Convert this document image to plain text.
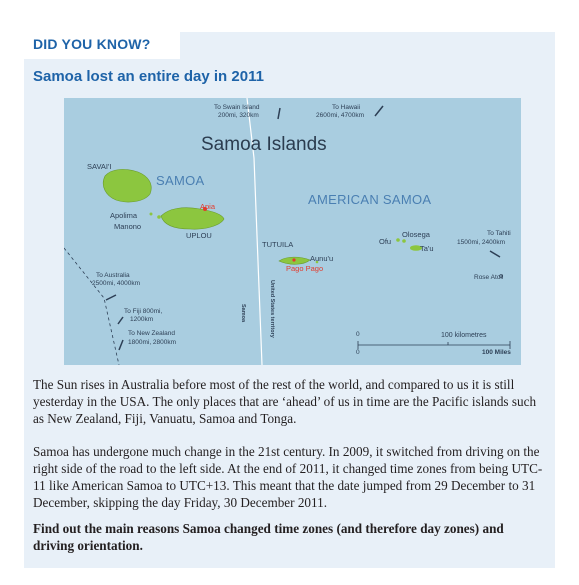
DID YOU KNOW?
Samoa lost an entire day in 2011
To Swain Island
200mi, 320km
To Hawaii
2600mi, 4700km
Samoa Islands
SAMOA
AMERICAN SAMOA
SAVAI'I
Apolima
Manono
Apia
UPLOU
TUTUILA
Aunu'u
Pago Pago
Ofu
Olosega
Ta'u
Rose Atoll
To Tahiti
1500mi, 2400km
To Australia
2500mi, 4000km
To Fiji 800mi,
1200km
To New Zealand
1800mi, 2800km
Samoa	United States territory	0
0
100 kilometres
100 Miles

The Sun rises in Australia before most of the rest of the world, and compared to us it is still yesterday in the USA. The only places that are ‘ahead’ of us in time are the Pacific islands such as New Zealand, Fiji, Vanuatu, Samoa and Tonga.

Samoa has undergone much change in the 21st century. In 2009, it switched from driving on the right side of the road to the left side. At the end of 2011, it changed time zones from being UTC-11 like American Samoa to UTC+13. This meant that the date jumped from 29 December to 31 December, skipping the day Friday, 30 December 2011.

Find out the main reasons Samoa changed time zones (and therefore day zones) and driving orientation.
